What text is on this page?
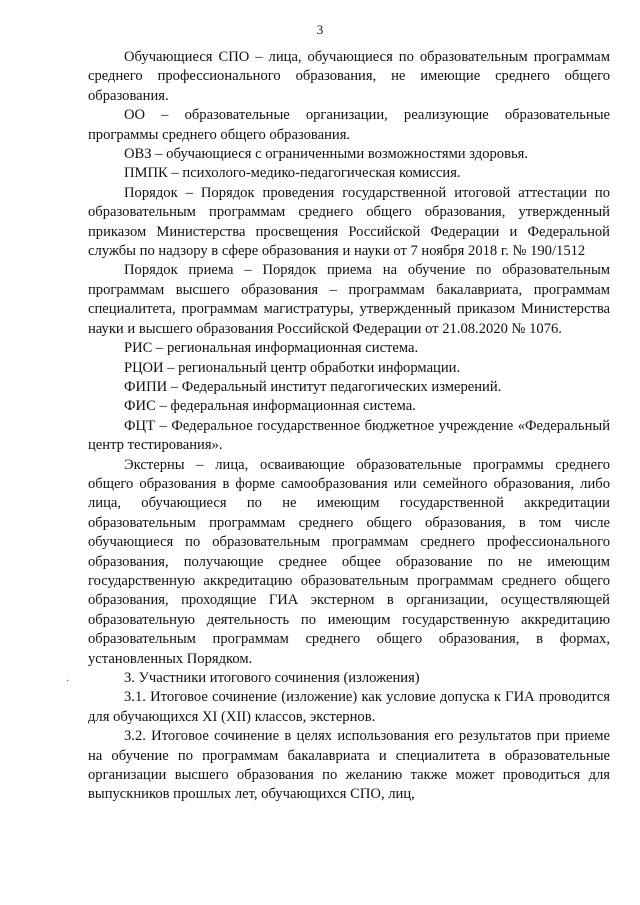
3
·

Обучающиеся СПО – лица, обучающиеся по образовательным программам среднего профессионального образования, не имеющие среднего общего образования.

ОО – образовательные организации, реализующие образовательные программы среднего общего образования.

ОВЗ – обучающиеся с ограниченными возможностями здоровья.

ПМПК – психолого-медико-педагогическая комиссия.

Порядок – Порядок проведения государственной итоговой аттестации по образовательным программам среднего общего образования, утвержденный приказом Министерства просвещения Российской Федерации и Федеральной службы по надзору в сфере образования и науки от 7 ноября 2018 г. № 190/1512

Порядок приема – Порядок приема на обучение по образовательным программам высшего образования – программам бакалавриата, программам специалитета, программам магистратуры, утвержденный приказом Министерства науки и высшего образования Российской Федерации от 21.08.2020 № 1076.

РИС – региональная информационная система.

РЦОИ – региональный центр обработки информации.

ФИПИ – Федеральный институт педагогических измерений.

ФИС – федеральная информационная система.

ФЦТ – Федеральное государственное бюджетное учреждение «Федеральный центр тестирования».

Экстерны – лица, осваивающие образовательные программы среднего общего образования в форме самообразования или семейного образования, либо лица, обучающиеся по не имеющим государственной аккредитации образовательным программам среднего общего образования, в том числе обучающиеся по образовательным программам среднего профессионального образования, получающие среднее общее образование по не имеющим государственную аккредитацию образовательным программам среднего общего образования, проходящие ГИА экстерном в организации, осуществляющей образовательную деятельность по имеющим государственную аккредитацию образовательным программам среднего общего образования, в формах, установленных Порядком.

3. Участники итогового сочинения (изложения)

3.1. Итоговое сочинение (изложение) как условие допуска к ГИА проводится для обучающихся XI (XII) классов, экстернов.

3.2. Итоговое сочинение в целях использования его результатов при приеме на обучение по программам бакалавриата и специалитета в образовательные организации высшего образования по желанию также может проводиться для выпускников прошлых лет, обучающихся СПО, лиц,
